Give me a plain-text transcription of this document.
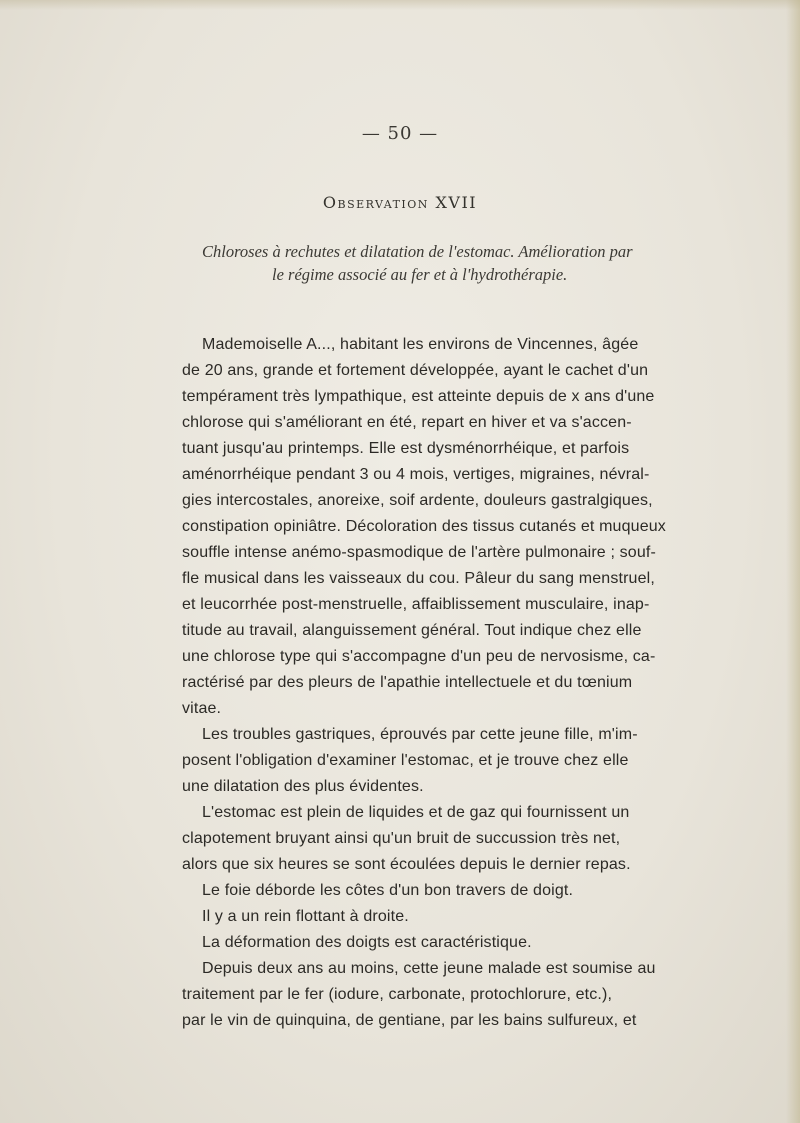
— 50 —
Observation XVII
Chloroses à rechutes et dilatation de l'estomac. Amélioration par
le régime associé au fer et à l'hydrothérapie.
Mademoiselle A..., habitant les environs de Vincennes, âgée
de 20 ans, grande et fortement développée, ayant le cachet d'un
tempérament très lympathique, est atteinte depuis de x ans d'une
chlorose qui s'améliorant en été, repart en hiver et va s'accen-
tuant jusqu'au printemps. Elle est dysménorrhéique, et parfois
aménorrhéique pendant 3 ou 4 mois, vertiges, migraines, névral-
gies intercostales, anoreixe, soif ardente, douleurs gastralgiques,
constipation opiniâtre. Décoloration des tissus cutanés et muqueux
souffle intense anémo-spasmodique de l'artère pulmonaire ; souf-
fle musical dans les vaisseaux du cou. Pâleur du sang menstruel,
et leucorrhée post-menstruelle, affaiblissement musculaire, inap-
titude au travail, alanguissement général. Tout indique chez elle
une chlorose type qui s'accompagne d'un peu de nervosisme, ca-
ractérisé par des pleurs de l'apathie intellectuele et du tœnium
vitae.
Les troubles gastriques, éprouvés par cette jeune fille, m'im-
posent l'obligation d'examiner l'estomac, et je trouve chez elle
une dilatation des plus évidentes.
L'estomac est plein de liquides et de gaz qui fournissent un
clapotement bruyant ainsi qu'un bruit de succussion très net,
alors que six heures se sont écoulées depuis le dernier repas.
Le foie déborde les côtes d'un bon travers de doigt.
Il y a un rein flottant à droite.
La déformation des doigts est caractéristique.
Depuis deux ans au moins, cette jeune malade est soumise au
traitement par le fer (iodure, carbonate, protochlorure, etc.),
par le vin de quinquina, de gentiane, par les bains sulfureux, et
